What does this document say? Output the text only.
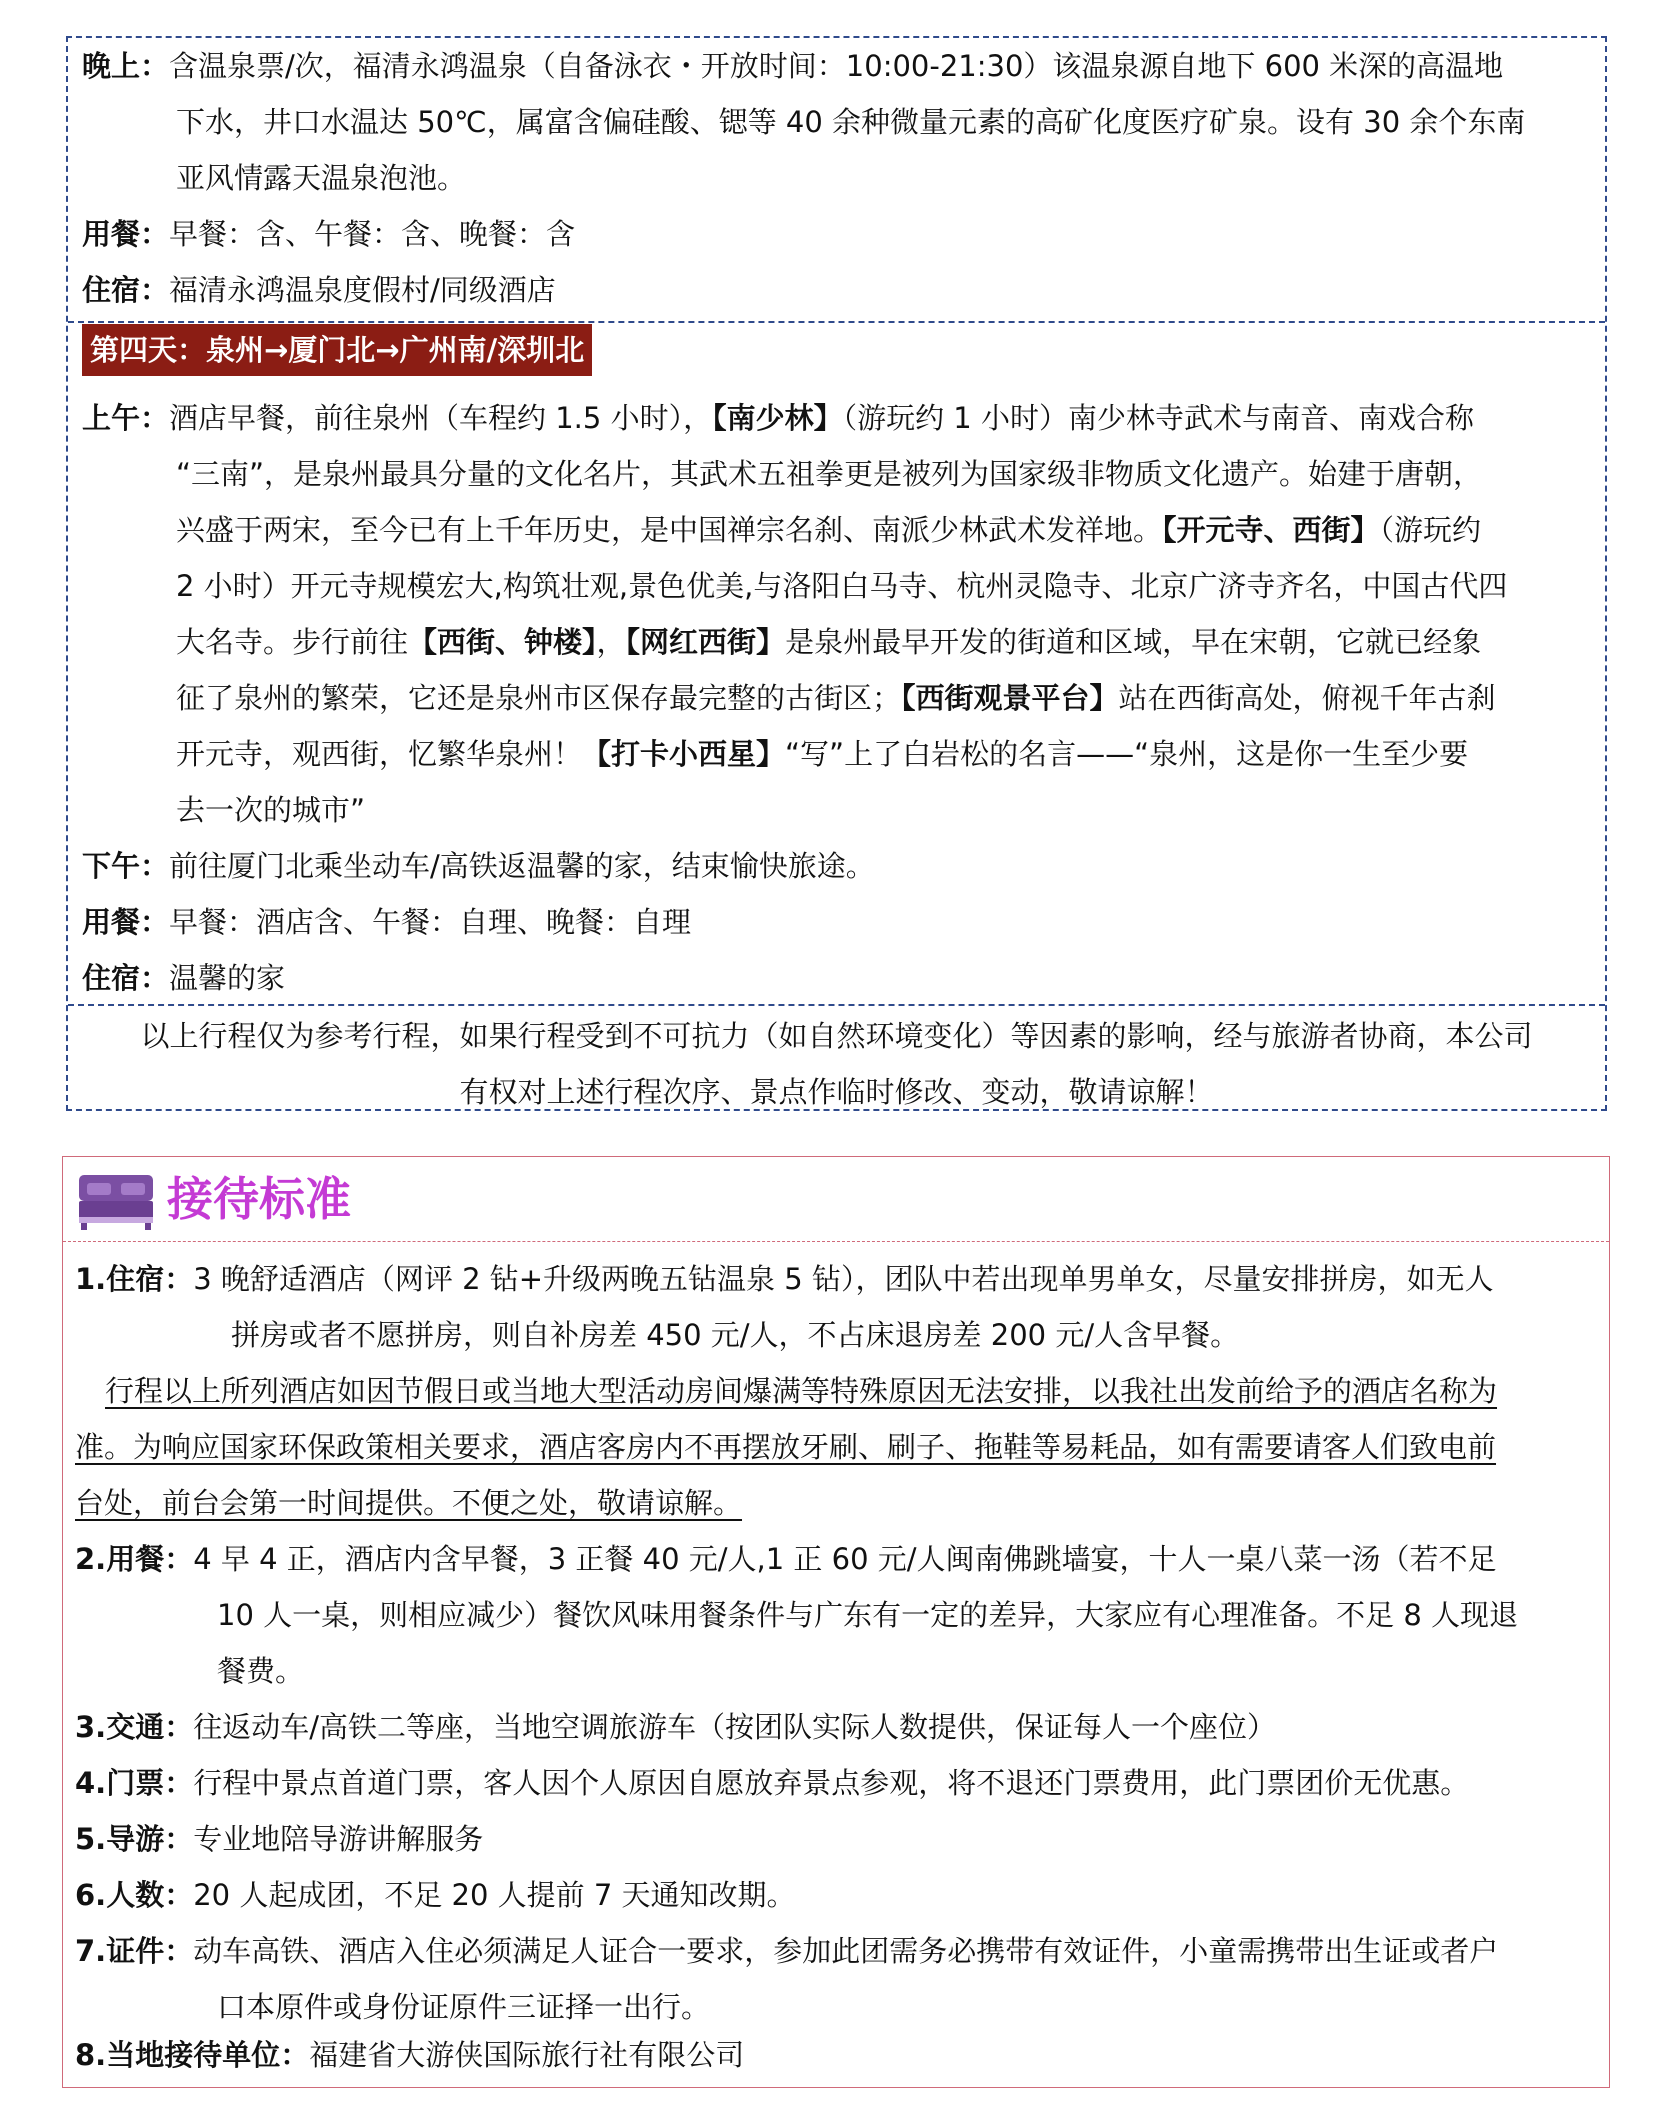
晚上：含温泉票/次，福清永鸿温泉（自备泳衣・开放时间：10:00-21:30）该温泉源自地下 600 米深的高温地
下水，井口水温达 50℃，属富含偏硅酸、锶等 40 余种微量元素的高矿化度医疗矿泉。设有 30 余个东南
亚风情露天温泉泡池。
用餐：早餐：含、午餐：含、晚餐：含
住宿：福清永鸿温泉度假村/同级酒店
第四天：泉州→厦门北→广州南/深圳北
上午：酒店早餐，前往泉州（车程约 1.5 小时），【南少林】（游玩约 1 小时）南少林寺武术与南音、南戏合称
“三南”，是泉州最具分量的文化名片，其武术五祖拳更是被列为国家级非物质文化遗产。始建于唐朝，
兴盛于两宋，至今已有上千年历史，是中国禅宗名刹、南派少林武术发祥地。【开元寺、西街】（游玩约
2 小时）开元寺规模宏大,构筑壮观,景色优美,与洛阳白马寺、杭州灵隐寺、北京广济寺齐名，中国古代四
大名寺。步行前往【西街、钟楼】，【网红西街】是泉州最早开发的街道和区域，早在宋朝，它就已经象
征了泉州的繁荣，它还是泉州市区保存最完整的古街区；【西街观景平台】站在西街高处，俯视千年古刹
开元寺，观西街，忆繁华泉州！【打卡小西星】“写”上了白岩松的名言——“泉州，这是你一生至少要
去一次的城市”
下午：前往厦门北乘坐动车/高铁返温馨的家，结束愉快旅途。
用餐：早餐：酒店含、午餐：自理、晚餐：自理
住宿：温馨的家
以上行程仅为参考行程，如果行程受到不可抗力（如自然环境变化）等因素的影响，经与旅游者协商，本公司
有权对上述行程次序、景点作临时修改、变动，敬请谅解！
接待标准
1.住宿：3 晚舒适酒店（网评 2 钻+升级两晚五钻温泉 5 钻），团队中若出现单男单女，尽量安排拼房，如无人
拼房或者不愿拼房，则自补房差 450 元/人，不占床退房差 200 元/人含早餐。
行程以上所列酒店如因节假日或当地大型活动房间爆满等特殊原因无法安排，以我社出发前给予的酒店名称为
准。为响应国家环保政策相关要求，酒店客房内不再摆放牙刷、刷子、拖鞋等易耗品，如有需要请客人们致电前
台处，前台会第一时间提供。不便之处，敬请谅解。
2.用餐：4 早 4 正，酒店内含早餐，3 正餐 40 元/人,1 正 60 元/人闽南佛跳墙宴，十人一桌八菜一汤（若不足
10 人一桌，则相应减少）餐饮风味用餐条件与广东有一定的差异，大家应有心理准备。不足 8 人现退
餐费。
3.交通：往返动车/高铁二等座，当地空调旅游车（按团队实际人数提供，保证每人一个座位）
4.门票：行程中景点首道门票，客人因个人原因自愿放弃景点参观，将不退还门票费用，此门票团价无优惠。
5.导游：专业地陪导游讲解服务
6.人数：20 人起成团，不足 20 人提前 7 天通知改期。
7.证件：动车高铁、酒店入住必须满足人证合一要求，参加此团需务必携带有效证件，小童需携带出生证或者户
口本原件或身份证原件三证择一出行。
8.当地接待单位：福建省大游侠国际旅行社有限公司
